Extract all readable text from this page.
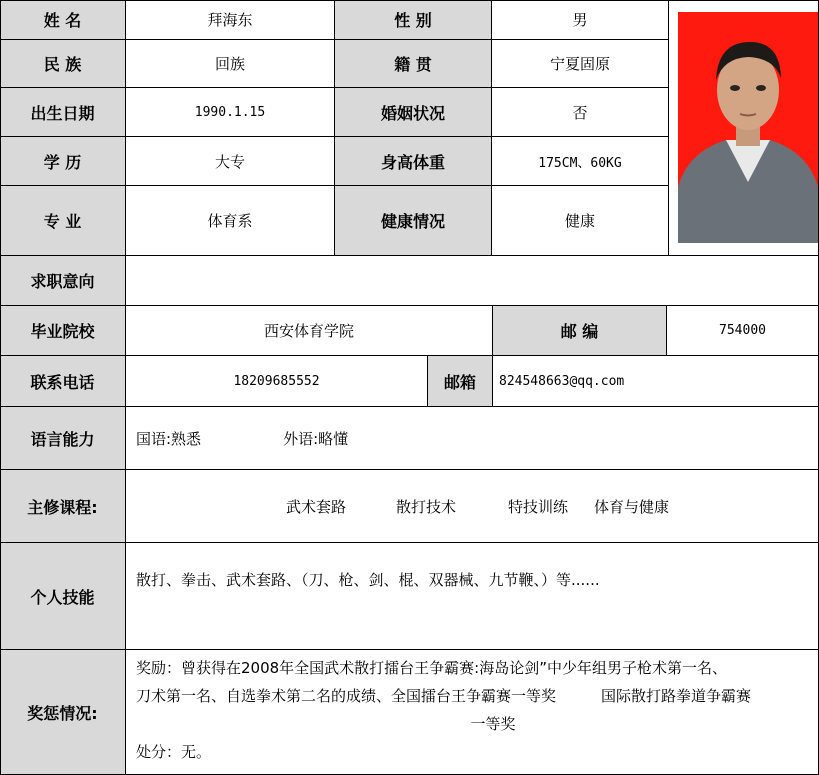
姓 名	拜海东	性 别	男
民 族	回族	籍 贯	宁夏固原
出生日期	1990.1.15	婚姻状况	否
学 历	大专	身高体重	175CM、60KG
专 业	体育系	健康情况	健康
求职意向
毕业院校	西安体育学院	邮 编	754000
联系电话	18209685552	邮箱	824548663@qq.com
语言能力	国语:熟悉	外语:略懂
主修课程:	武术套路	散打技术	特技训练 体育与健康
个人技能
散打、拳击、武术套路、（刀、枪、剑、棍、双器械、九节鞭、）等......
奖惩情况:
奖励：曾获得在2008年全国武术散打擂台王争霸赛:海岛论剑”中少年组男子枪术第一名、
刀术第一名、自选拳术第二名的成绩、全国擂台王争霸赛一等奖　　　国际散打路拳道争霸赛
一等奖
处分：无。
